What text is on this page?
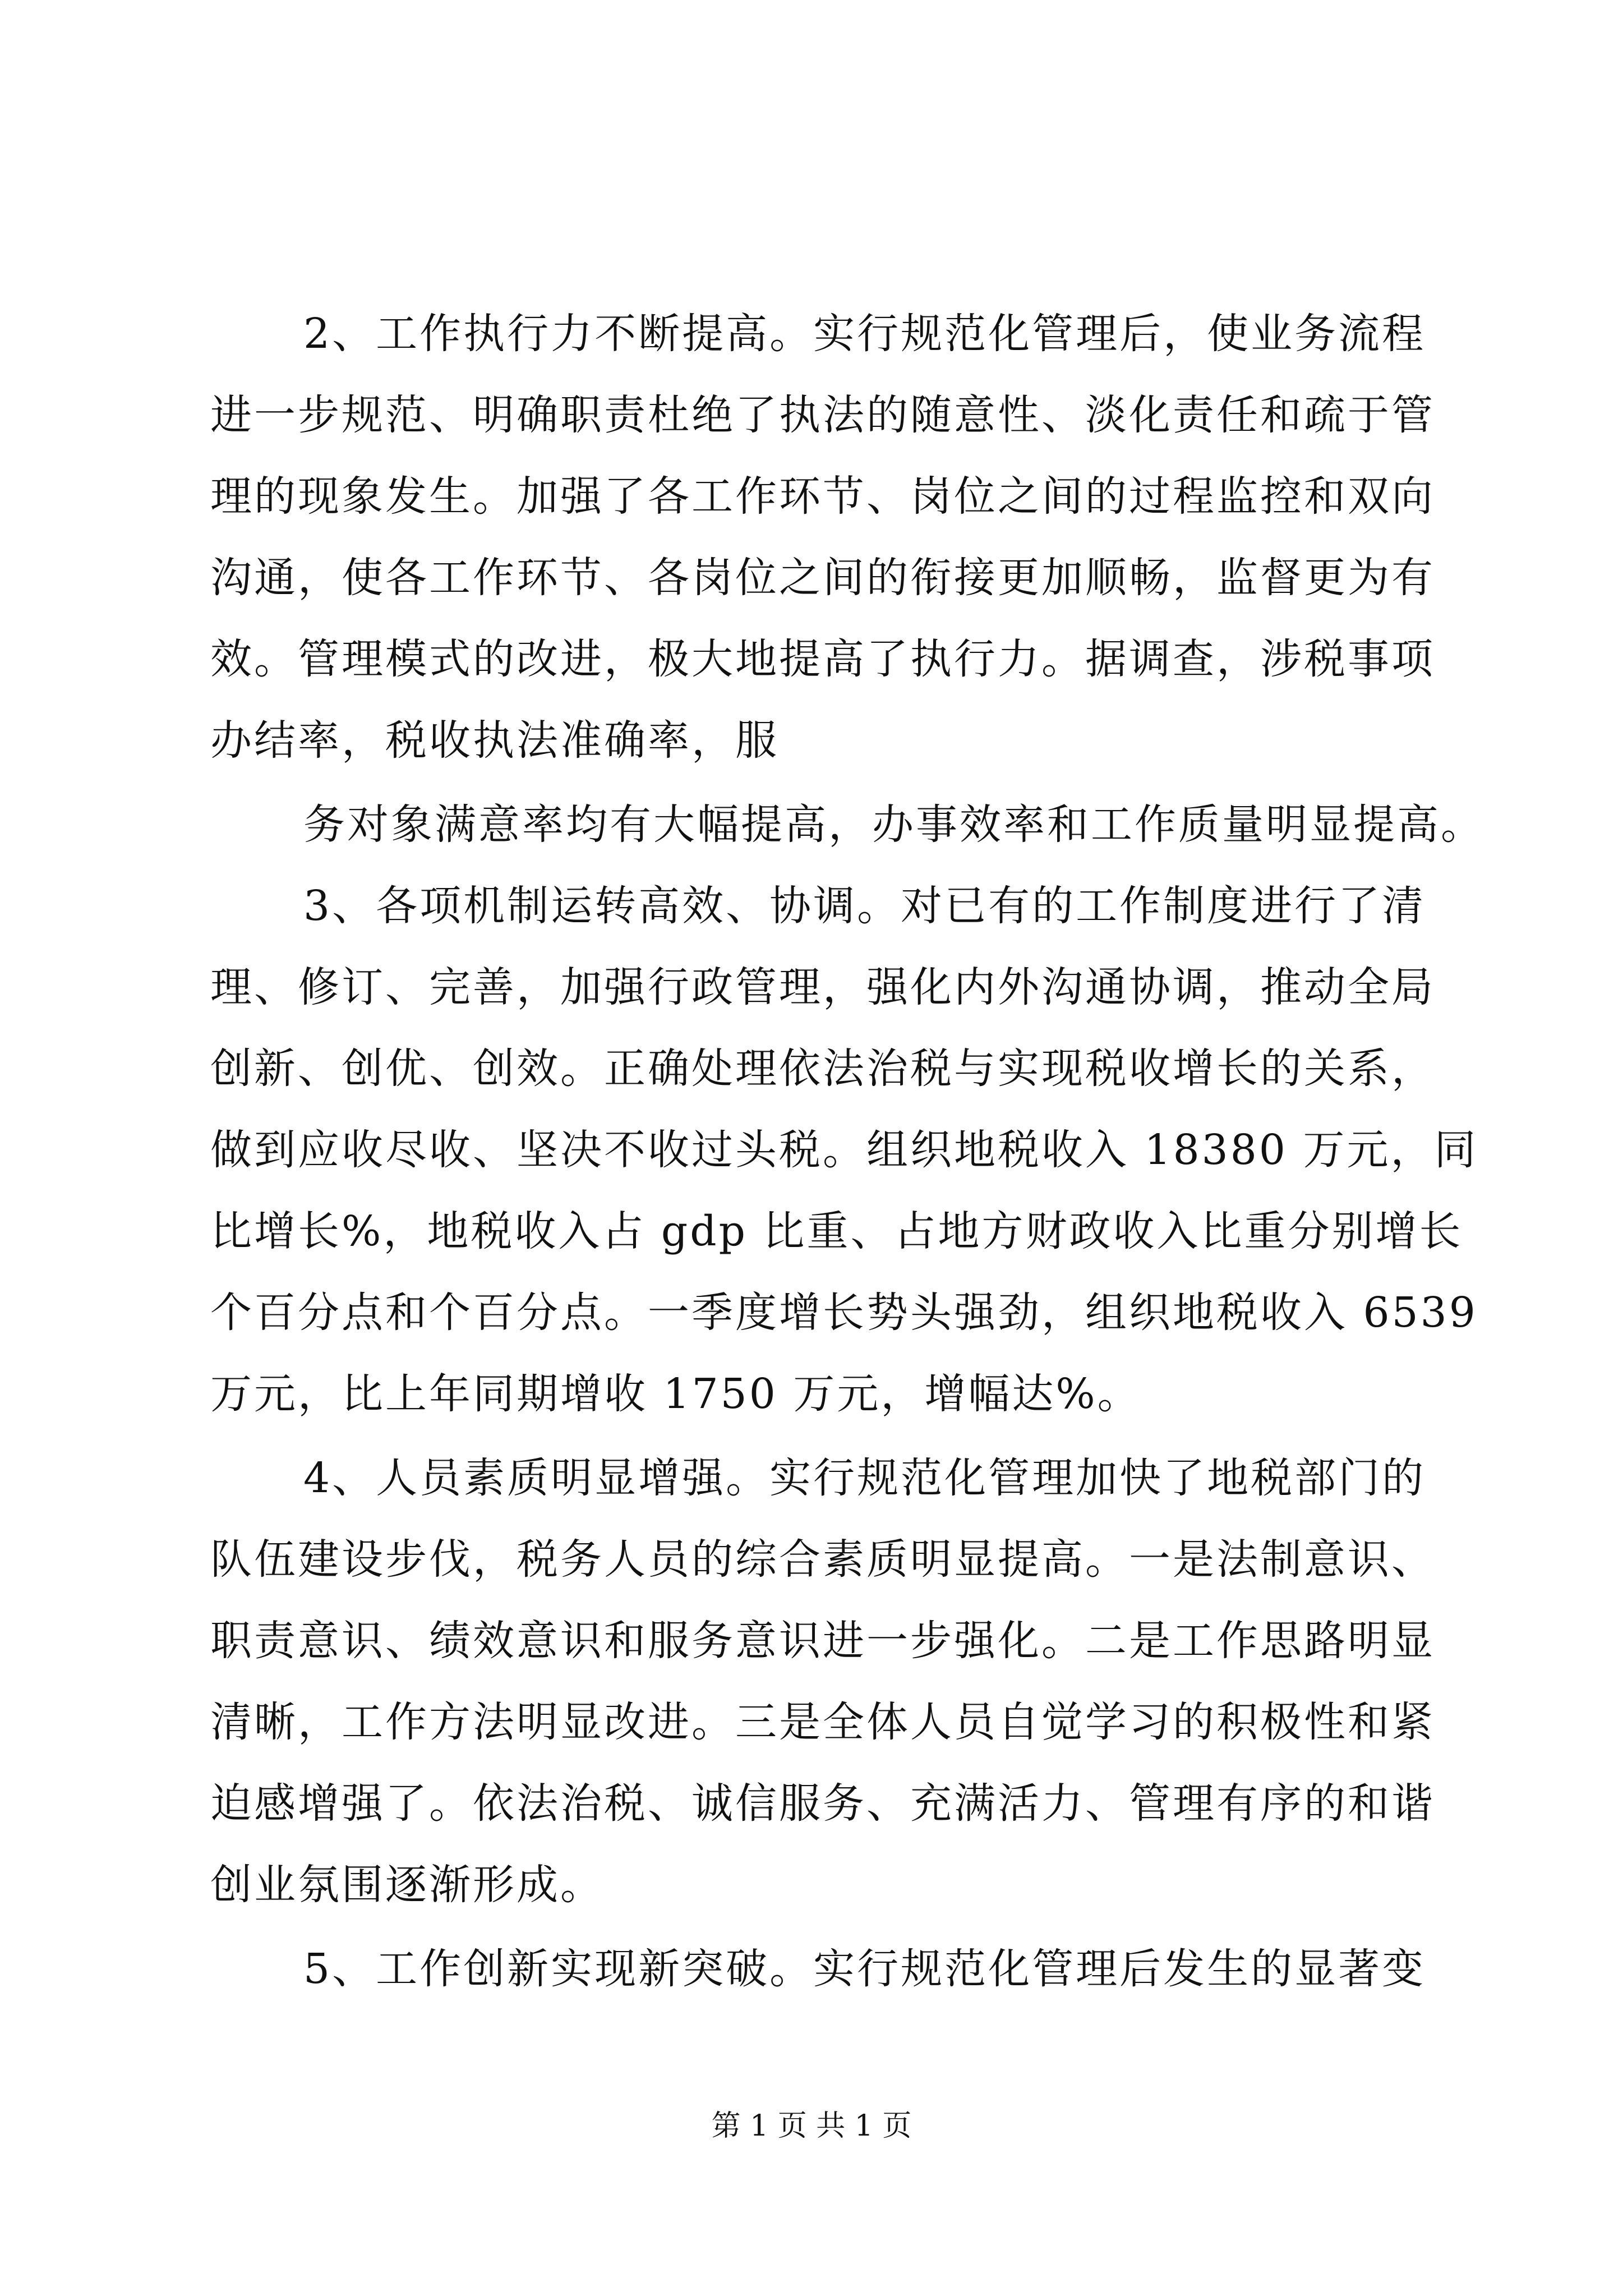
2、工作执行力不断提高。实行规范化管理后，使业务流程

进一步规范、明确职责杜绝了执法的随意性、淡化责任和疏于管

理的现象发生。加强了各工作环节、岗位之间的过程监控和双向

沟通，使各工作环节、各岗位之间的衔接更加顺畅，监督更为有

效。管理模式的改进，极大地提高了执行力。据调查，涉税事项

办结率，税收执法准确率，服

务对象满意率均有大幅提高，办事效率和工作质量明显提高。

3、各项机制运转高效、协调。对已有的工作制度进行了清

理、修订、完善，加强行政管理，强化内外沟通协调，推动全局

创新、创优、创效。正确处理依法治税与实现税收增长的关系，

做到应收尽收、坚决不收过头税。组织地税收入 18380 万元，同

比增长%，地税收入占 gdp 比重、占地方财政收入比重分别增长

个百分点和个百分点。一季度增长势头强劲，组织地税收入 6539

万元，比上年同期增收 1750 万元，增幅达%。

4、人员素质明显增强。实行规范化管理加快了地税部门的

队伍建设步伐，税务人员的综合素质明显提高。一是法制意识、

职责意识、绩效意识和服务意识进一步强化。二是工作思路明显

清晰，工作方法明显改进。三是全体人员自觉学习的积极性和紧

迫感增强了。依法治税、诚信服务、充满活力、管理有序的和谐

创业氛围逐渐形成。

5、工作创新实现新突破。实行规范化管理后发生的显著变

第 1 页 共 1 页
